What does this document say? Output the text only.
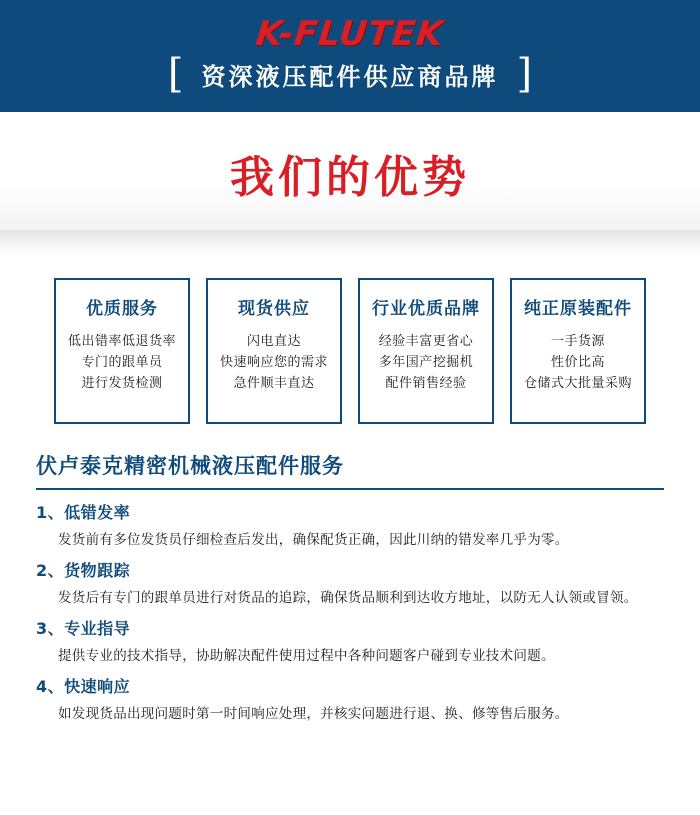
K-FLUTEK
[ 资深液压配件供应商品牌 ]
我们的优势
优质服务
低出错率低退货率
专门的跟单员
进行发货检测
现货供应
闪电直达
快速响应您的需求
急件顺丰直达
行业优质品牌
经验丰富更省心
多年国产挖掘机
配件销售经验
纯正原装配件
一手货源
性价比高
仓储式大批量采购
伏卢泰克精密机械液压配件服务
1、低错发率
发货前有多位发货员仔细检查后发出，确保配货正确，因此川纳的错发率几乎为零。
2、货物跟踪
发货后有专门的跟单员进行对货品的追踪，确保货品顺利到达收方地址，以防无人认领或冒领。
3、专业指导
提供专业的技术指导，协助解决配件使用过程中各种问题客户碰到专业技术问题。
4、快速响应
如发现货品出现问题时第一时间响应处理，并核实问题进行退、换、修等售后服务。
